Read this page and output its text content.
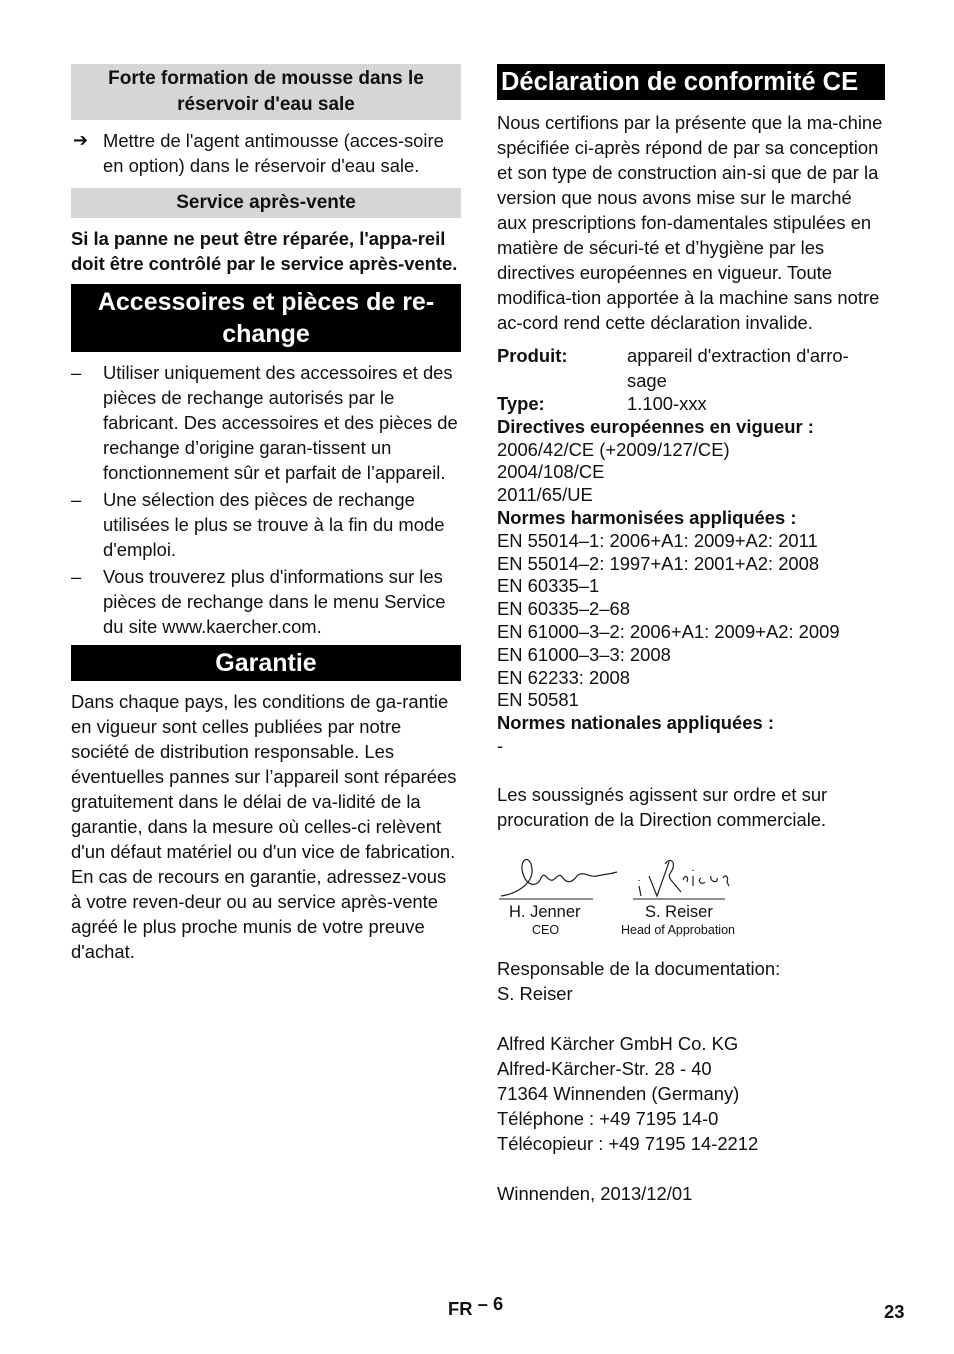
Forte formation de mousse dans le réservoir d'eau sale
➔ Mettre de l'agent antimousse (acces-soire en option) dans le réservoir d'eau sale.
Service après-vente
Si la panne ne peut être réparée, l'appa-reil doit être contrôlé par le service après-vente.
Accessoires et pièces de re-change
– Utiliser uniquement des accessoires et des pièces de rechange autorisés par le fabricant. Des accessoires et des pièces de rechange d’origine garan-tissent un fonctionnement sûr et parfait de l’appareil.
– Une sélection des pièces de rechange utilisées le plus se trouve à la fin du mode d'emploi.
– Vous trouverez plus d'informations sur les pièces de rechange dans le menu Service du site www.kaercher.com.
Garantie
Dans chaque pays, les conditions de ga-rantie en vigueur sont celles publiées par notre société de distribution responsable. Les éventuelles pannes sur l’appareil sont réparées gratuitement dans le délai de va-lidité de la garantie, dans la mesure où celles-ci relèvent d'un défaut matériel ou d'un vice de fabrication. En cas de recours en garantie, adressez-vous à votre reven-deur ou au service après-vente agréé le plus proche munis de votre preuve d'achat.
Déclaration de conformité CE
Nous certifions par la présente que la ma-chine spécifiée ci-après répond de par sa conception et son type de construction ain-si que de par la version que nous avons mise sur le marché aux prescriptions fon-damentales stipulées en matière de sécuri-té et d’hygiène par les directives européennes en vigueur. Toute modifica-tion apportée à la machine sans notre ac-cord rend cette déclaration invalide.
Produit:	appareil d'extraction d'arro-sage
Type:	1.100-xxx
Directives européennes en vigueur :
2006/42/CE (+2009/127/CE)
2004/108/CE
2011/65/UE
Normes harmonisées appliquées :
EN 55014–1: 2006+A1: 2009+A2: 2011
EN 55014–2: 1997+A1: 2001+A2: 2008
EN 60335–1
EN 60335–2–68
EN 61000–3–2: 2006+A1: 2009+A2: 2009
EN 61000–3–3: 2008
EN 62233: 2008
EN 50581
Normes nationales appliquées :
-
Les soussignés agissent sur ordre et sur procuration de la Direction commerciale.
H. Jenner
CEO
S. Reiser
Head of Approbation
Responsable de la documentation:
S. Reiser
Alfred Kärcher GmbH Co. KG
Alfred-Kärcher-Str. 28 - 40
71364 Winnenden (Germany)
Téléphone : +49 7195 14-0
Télécopieur : +49 7195 14-2212
Winnenden, 2013/12/01
FR – 6	23
